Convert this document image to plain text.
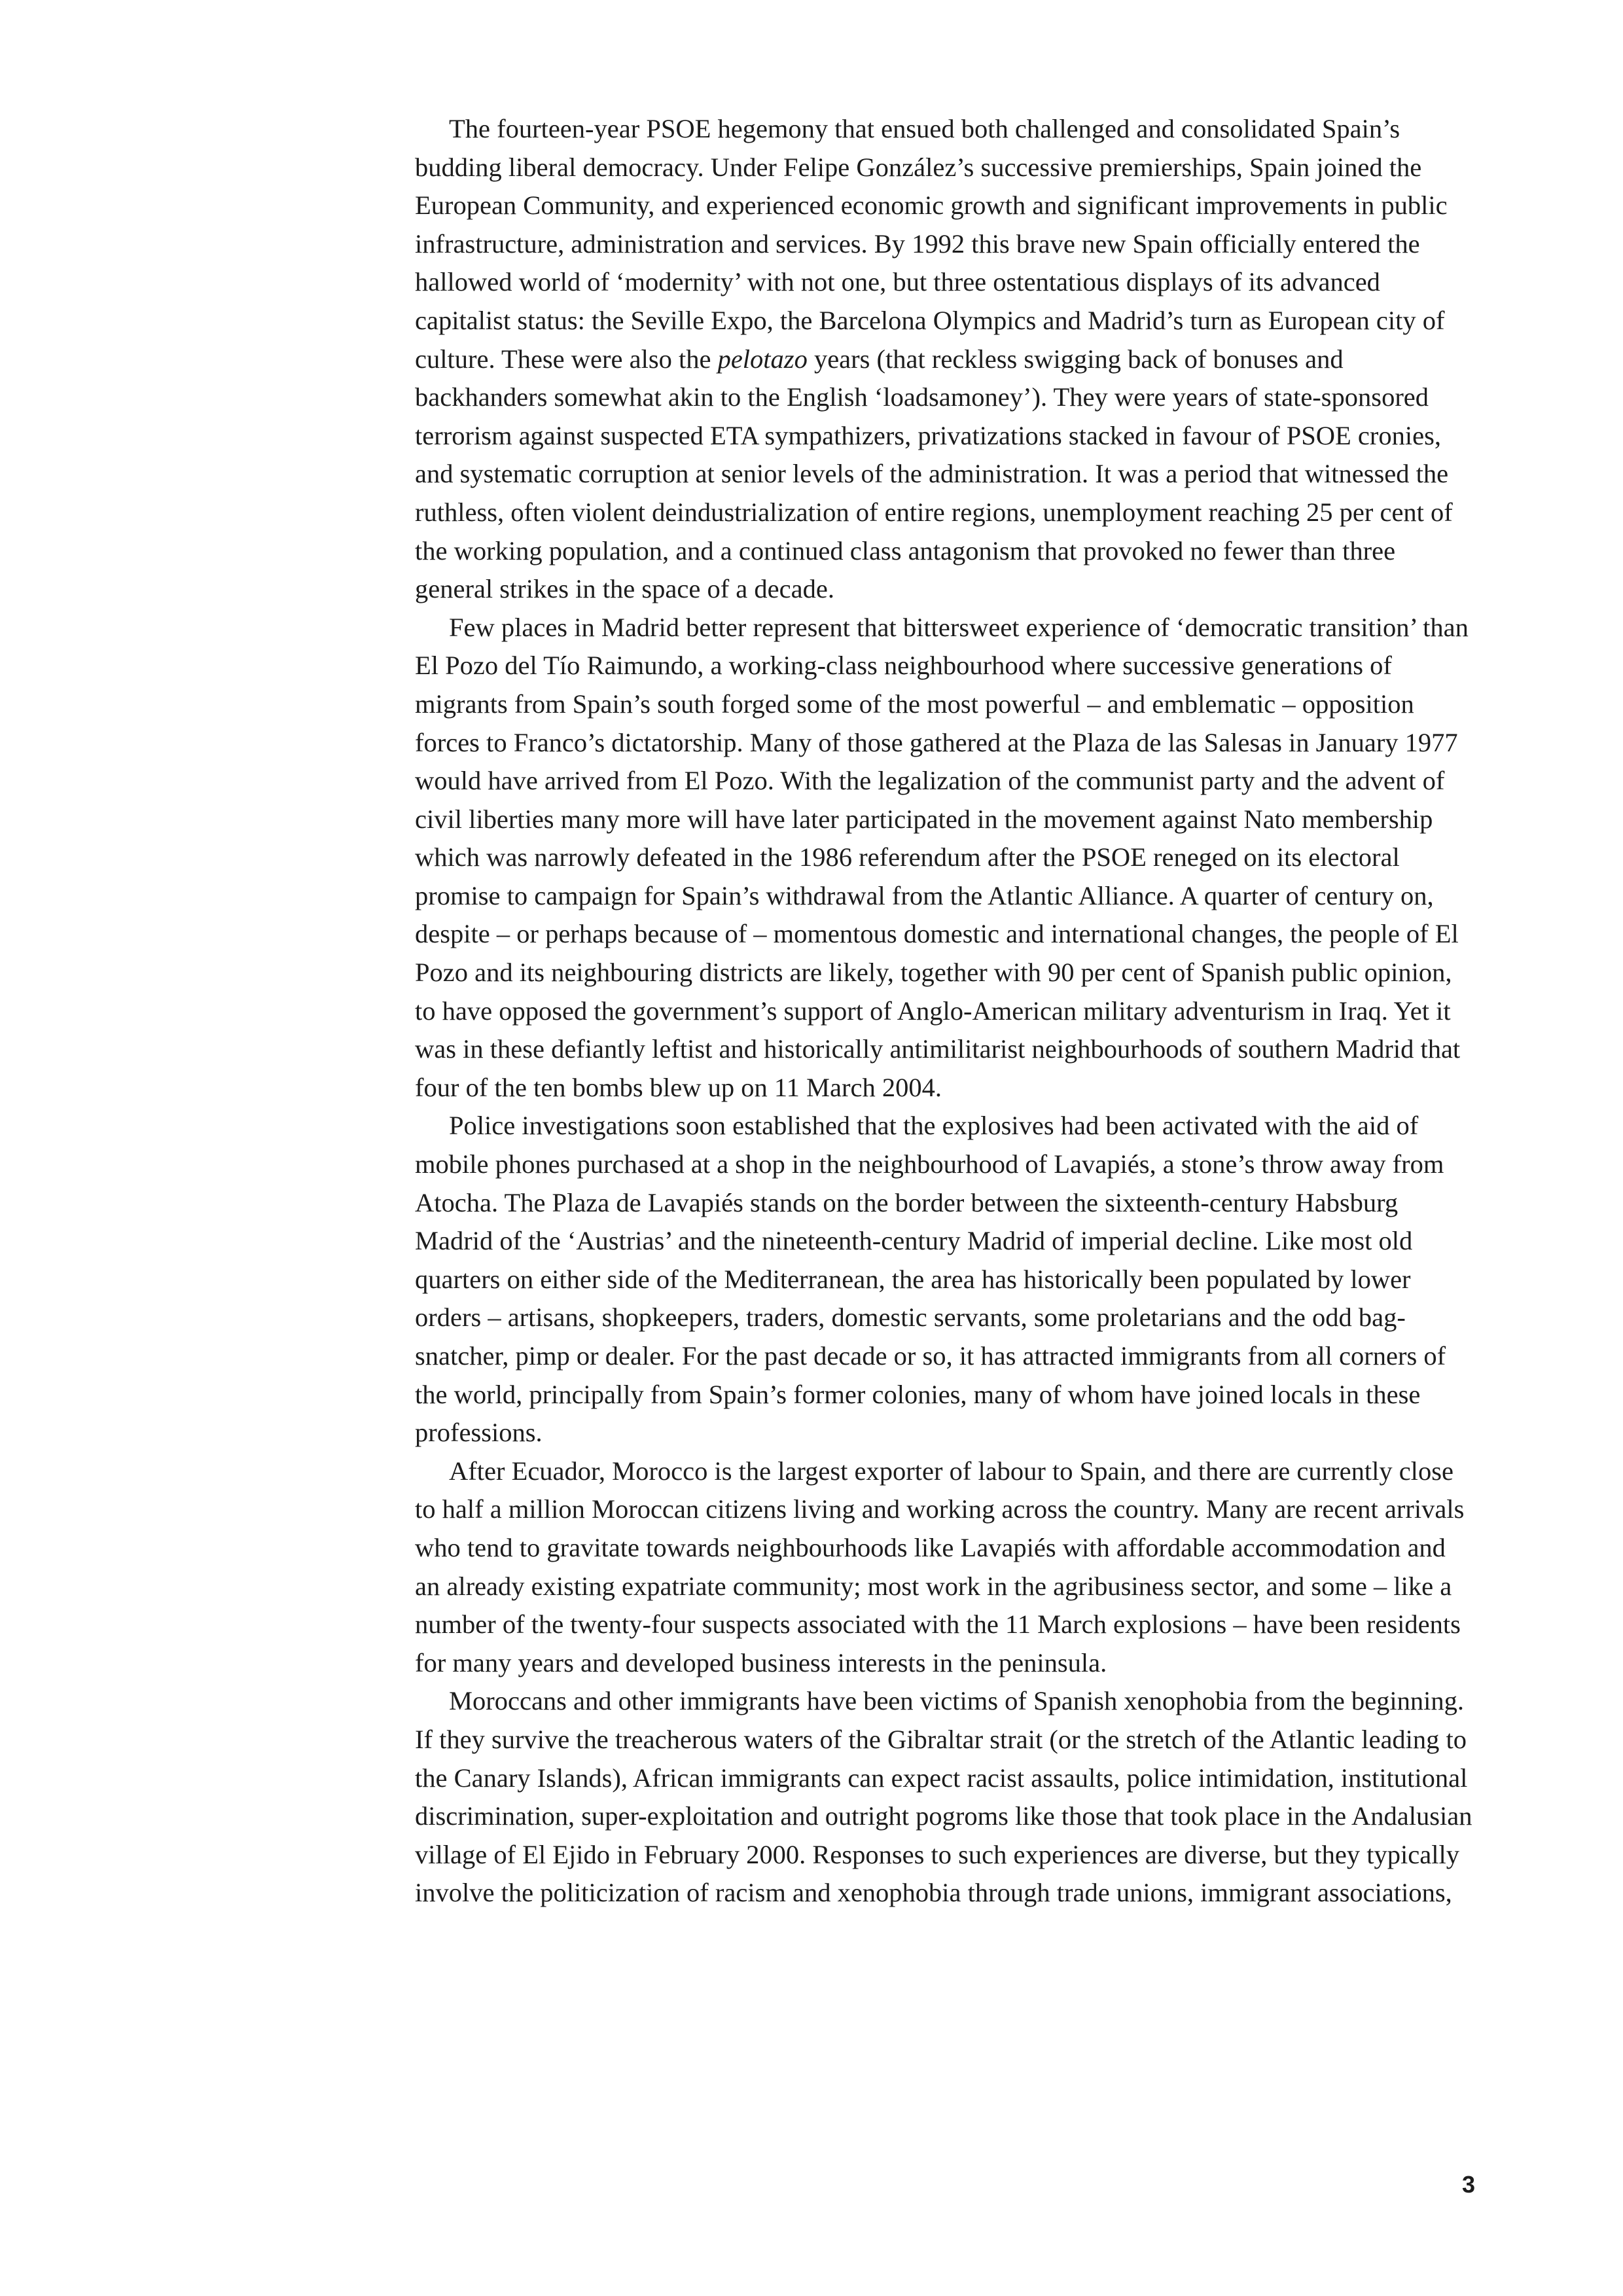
The fourteen-year PSOE hegemony that ensued both challenged and consolidated Spain’s budding liberal democracy. Under Felipe González’s successive premierships, Spain joined the European Community, and experienced economic growth and significant improvements in public infrastructure, administration and services. By 1992 this brave new Spain officially entered the hallowed world of ‘modernity’ with not one, but three ostentatious displays of its advanced capitalist status: the Seville Expo, the Barcelona Olympics and Madrid’s turn as European city of culture. These were also the pelotazo years (that reckless swigging back of bonuses and backhanders somewhat akin to the English ‘loadsamoney’). They were years of state-sponsored terrorism against suspected ETA sympathizers, privatizations stacked in favour of PSOE cronies, and systematic corruption at senior levels of the administration. It was a period that witnessed the ruthless, often violent deindustrialization of entire regions, unemployment reaching 25 per cent of the working population, and a continued class antagonism that provoked no fewer than three general strikes in the space of a decade.

Few places in Madrid better represent that bittersweet experience of ‘democratic transition’ than El Pozo del Tío Raimundo, a working-class neighbourhood where successive generations of migrants from Spain’s south forged some of the most powerful – and emblematic – opposition forces to Franco’s dictatorship. Many of those gathered at the Plaza de las Salesas in January 1977 would have arrived from El Pozo. With the legalization of the communist party and the advent of civil liberties many more will have later participated in the movement against Nato membership which was narrowly defeated in the 1986 referendum after the PSOE reneged on its electoral promise to campaign for Spain’s withdrawal from the Atlantic Alliance. A quarter of century on, despite – or perhaps because of – momentous domestic and international changes, the people of El Pozo and its neighbouring districts are likely, together with 90 per cent of Spanish public opinion, to have opposed the government’s support of Anglo-American military adventurism in Iraq. Yet it was in these defiantly leftist and historically antimilitarist neighbourhoods of southern Madrid that four of the ten bombs blew up on 11 March 2004.

Police investigations soon established that the explosives had been activated with the aid of mobile phones purchased at a shop in the neighbourhood of Lavapiés, a stone’s throw away from Atocha. The Plaza de Lavapiés stands on the border between the sixteenth-century Habsburg Madrid of the ‘Austrias’ and the nineteenth-century Madrid of imperial decline. Like most old quarters on either side of the Mediterranean, the area has historically been populated by lower orders – artisans, shopkeepers, traders, domestic servants, some proletarians and the odd bag-snatcher, pimp or dealer. For the past decade or so, it has attracted immigrants from all corners of the world, principally from Spain’s former colonies, many of whom have joined locals in these professions.

After Ecuador, Morocco is the largest exporter of labour to Spain, and there are currently close to half a million Moroccan citizens living and working across the country. Many are recent arrivals who tend to gravitate towards neighbourhoods like Lavapiés with affordable accommodation and an already existing expatriate community; most work in the agribusiness sector, and some – like a number of the twenty-four suspects associated with the 11 March explosions – have been residents for many years and developed business interests in the peninsula.

Moroccans and other immigrants have been victims of Spanish xenophobia from the beginning. If they survive the treacherous waters of the Gibraltar strait (or the stretch of the Atlantic leading to the Canary Islands), African immigrants can expect racist assaults, police intimidation, institutional discrimination, super-exploitation and outright pogroms like those that took place in the Andalusian village of El Ejido in February 2000. Responses to such experiences are diverse, but they typically involve the politicization of racism and xenophobia through trade unions, immigrant associations,

3
